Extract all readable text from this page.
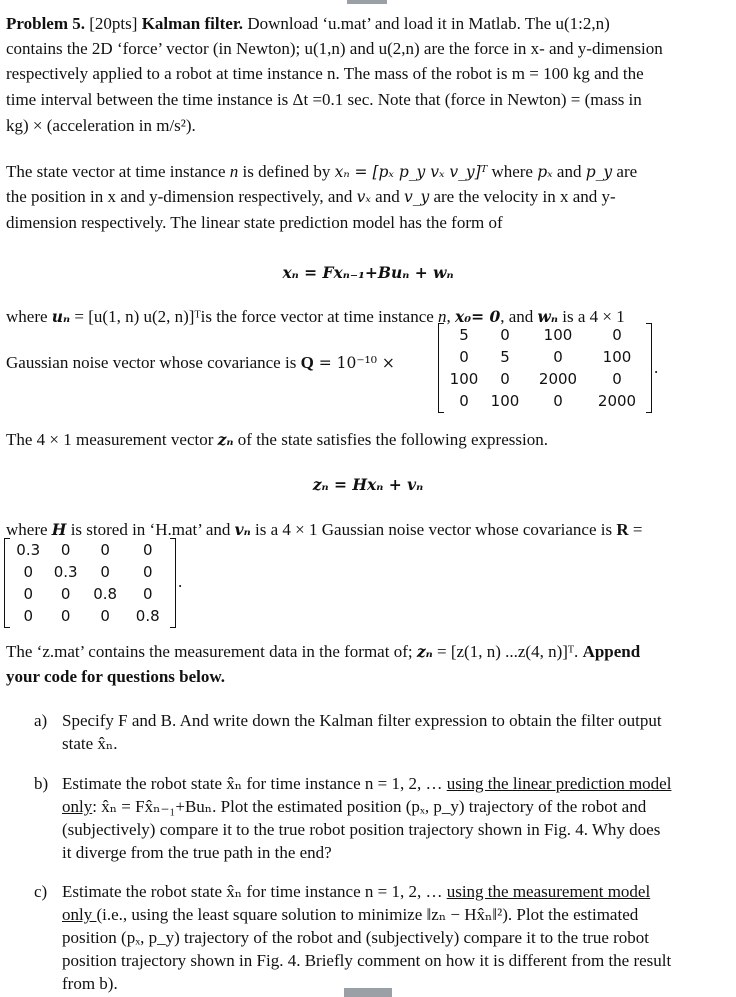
Problem 5. [20pts] Kalman filter. Download ‘u.mat’ and load it in Matlab. The u(1:2,n)
contains the 2D ‘force’ vector (in Newton); u(1,n) and u(2,n) are the force in x- and y-dimension
respectively applied to a robot at time instance n. The mass of the robot is m = 100 kg and the
time interval between the time instance is Δt =0.1 sec. Note that (force in Newton) = (mass in
kg) × (acceleration in m/s²).
The state vector at time instance n is defined by xₙ = [pₓ p_y vₓ v_y]ᵀ where pₓ and p_y are
the position in x and y-dimension respectively, and vₓ and v_y are the velocity in x and y-
dimension respectively. The linear state prediction model has the form of
xₙ = Fxₙ₋₁+Buₙ + wₙ
where uₙ = [u(1, n) u(2, n)]ᵀis the force vector at time instance n, x₀= 0, and wₙ is a 4 × 1
Gaussian noise vector whose covariance is Q = 10⁻¹⁰ ×
5	0	100	0
0	5	0	100
100	0	2000	0
0	100	0	2000
.
The 4 × 1 measurement vector zₙ of the state satisfies the following expression.
zₙ = Hxₙ + vₙ
where H is stored in ‘H.mat’ and vₙ is a 4 × 1 Gaussian noise vector whose covariance is R =
0.3	0	0	0
0	0.3	0	0
0	0	0.8	0
0	0	0	0.8
.
The ‘z.mat’ contains the measurement data in the format of; zₙ = [z(1, n) ...z(4, n)]ᵀ. Append
your code for questions below.
a) Specify F and B. And write down the Kalman filter expression to obtain the filter output
state x̂ₙ.
b) Estimate the robot state x̂ₙ for time instance n = 1, 2, … using the linear prediction model
only: x̂ₙ = Fx̂ₙ₋₁+Buₙ. Plot the estimated position (pₓ, p_y) trajectory of the robot and
(subjectively) compare it to the true robot position trajectory shown in Fig. 4. Why does
it diverge from the true path in the end?
c) Estimate the robot state x̂ₙ for time instance n = 1, 2, … using the measurement model
only (i.e., using the least square solution to minimize ‖zₙ − Hx̂ₙ‖²). Plot the estimated
position (pₓ, p_y) trajectory of the robot and (subjectively) compare it to the true robot
position trajectory shown in Fig. 4. Briefly comment on how it is different from the result
from b).
